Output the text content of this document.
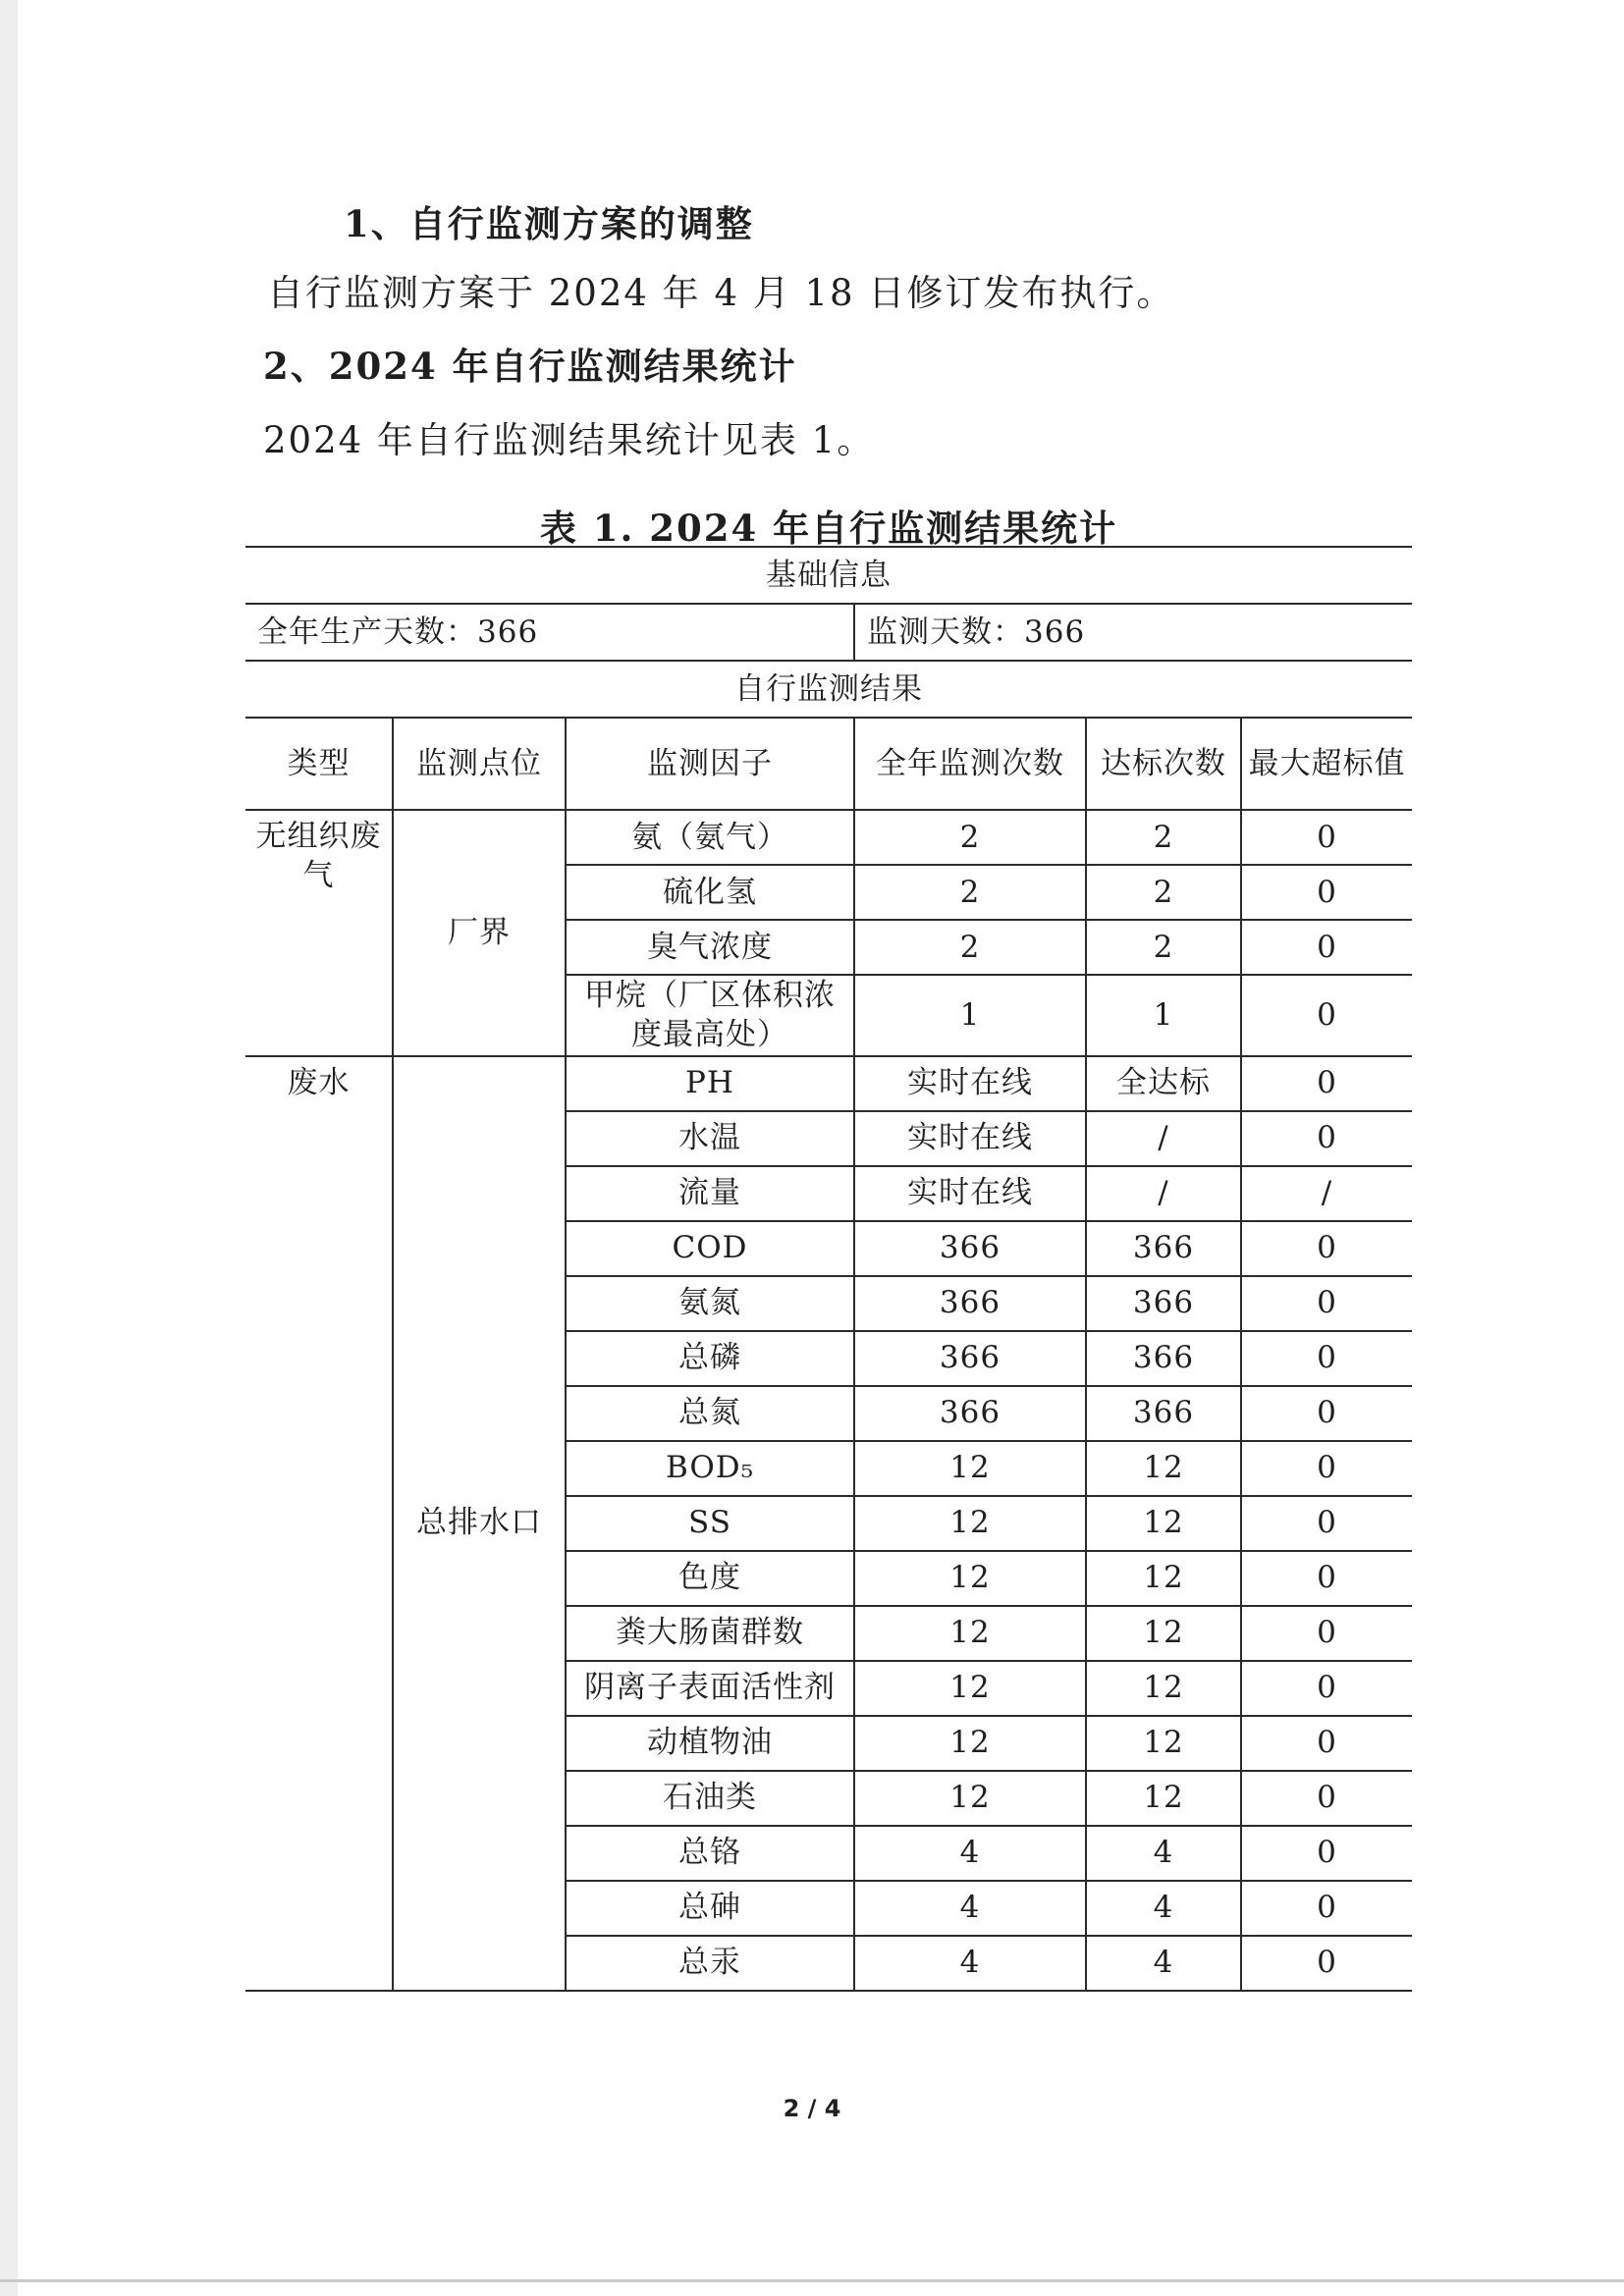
1、自行监测方案的调整
自行监测方案于 2024 年 4 月 18 日修订发布执行。
2、2024 年自行监测结果统计
2024 年自行监测结果统计见表 1。
表 1. 2024 年自行监测结果统计
基础信息					
全年生产天数：366			监测天数：366		
自行监测结果					
类型	监测点位	监测因子	全年监测次数	达标次数	最大超标值
无组织废气	厂界	氨（氨气）	2	2	0
		硫化氢	2	2	0
		臭气浓度	2	2	0
		甲烷（厂区体积浓度最高处）	1	1	0
废水	总排水口	PH	实时在线	全达标	0
		水温	实时在线	/	0
		流量	实时在线	/	/
		COD	366	366	0
		氨氮	366	366	0
		总磷	366	366	0
		总氮	366	366	0
		BOD₅	12	12	0
		SS	12	12	0
		色度	12	12	0
		粪大肠菌群数	12	12	0
		阴离子表面活性剂	12	12	0
		动植物油	12	12	0
		石油类	12	12	0
		总铬	4	4	0
		总砷	4	4	0
		总汞	4	4	0
2 / 4
